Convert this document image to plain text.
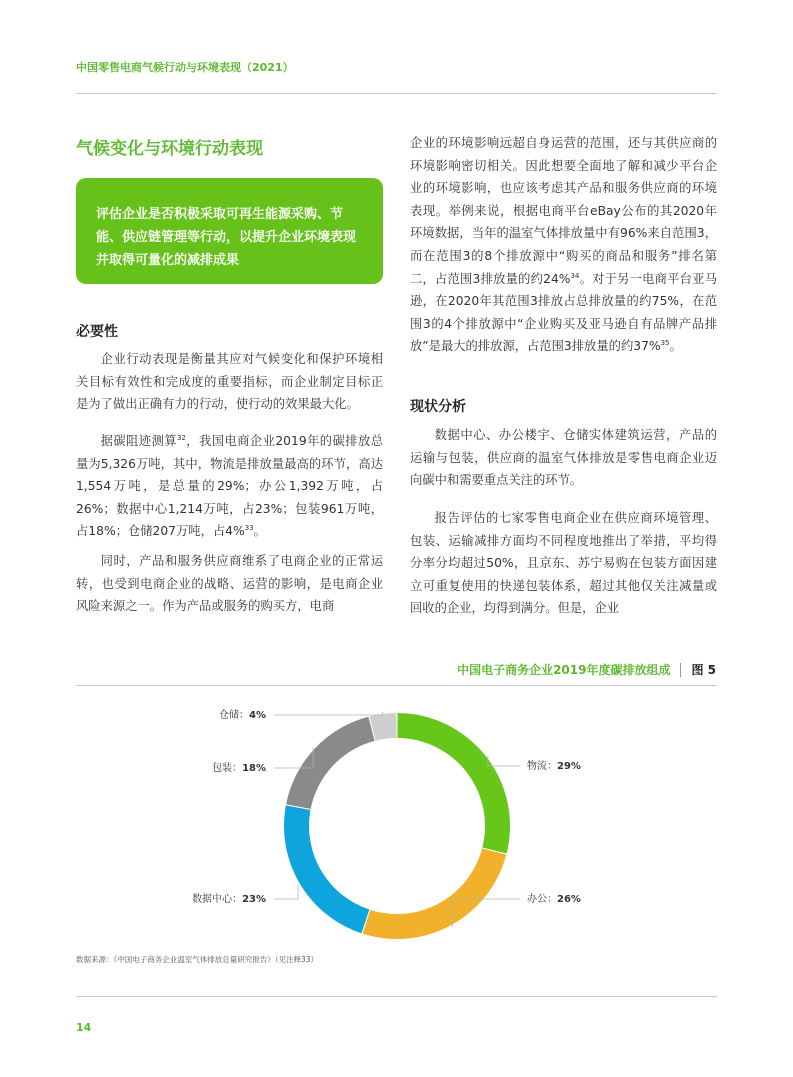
中国零售电商气候行动与环境表现（2021）
气候变化与环境行动表现
评估企业是否积极采取可再生能源采购、节能、供应链管理等行动，以提升企业环境表现并取得可量化的减排成果
必要性
企业行动表现是衡量其应对气候变化和保护环境相关目标有效性和完成度的重要指标，而企业制定目标正是为了做出正确有力的行动，使行动的效果最大化。
据碳阻迹测算$^{32}$，我国电商企业2019年的碳排放总量为5,326万吨，其中，物流是排放量最高的环节，高达1,554万吨，是总量的29%；办公1,392万吨，占26%；数据中心1,214万吨，占23%；包装961万吨，占18%；仓储207万吨，占4%$^{33}$。
同时，产品和服务供应商维系了电商企业的正常运转，也受到电商企业的战略、运营的影响，是电商企业风险来源之一。作为产品或服务的购买方，电商
企业的环境影响远超自身运营的范围，还与其供应商的环境影响密切相关。因此想要全面地了解和减少平台企业的环境影响，也应该考虑其产品和服务供应商的环境表现。举例来说，根据电商平台eBay公布的其2020年环境数据，当年的温室气体排放量中有96%来自范围3，而在范围3的8个排放源中“购买的商品和服务”排名第二，占范围3排放量的约24%$^{34}$。对于另一电商平台亚马逊，在2020年其范围3排放占总排放量的约75%，在范围3的4个排放源中“企业购买及亚马逊自有品牌产品排放”是最大的排放源，占范围3排放量的约37%$^{35}$。
现状分析
数据中心、办公楼宇、仓储实体建筑运营，产品的运输与包装，供应商的温室气体排放是零售电商企业迈向碳中和需要重点关注的环节。
报告评估的七家零售电商企业在供应商环境管理、包装、运输减排方面均不同程度地推出了举措，平均得分率分均超过50%，且京东、苏宁易购在包装方面因建立可重复使用的快递包装体系，超过其他仅关注减量或回收的企业，均得到满分。但是，企业
中国电子商务企业2019年度碳排放组成 图 5
物流：29%
办公：26%
数据中心：23%
包装：18%
仓储：4%
数据来源：《中国电子商务企业温室气体排放总量研究报告》（见注释33）
14
